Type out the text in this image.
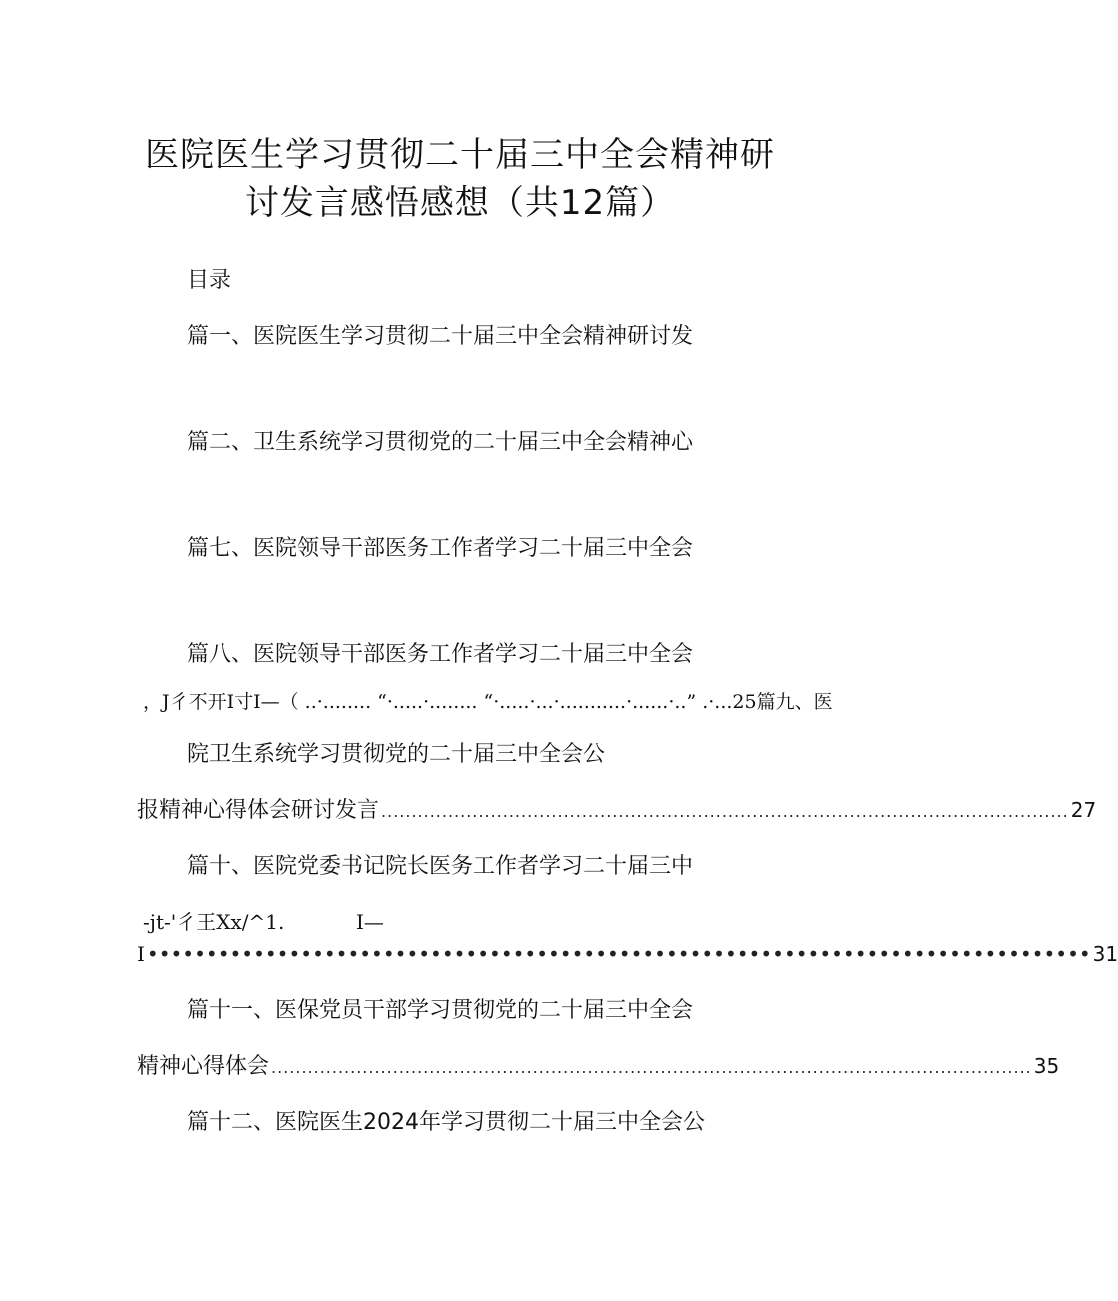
医院医生学习贯彻二十届三中全会精神研
讨发言感悟感想（共12篇）
目录
篇一、医院医生学习贯彻二十届三中全会精神研讨发
篇二、卫生系统学习贯彻党的二十届三中全会精神心
篇七、医院领导干部医务工作者学习二十届三中全会
篇八、医院领导干部医务工作者学习二十届三中全会
，J彳不开I寸I—（ ..·........ “·.....·........ “·.....·...·...........·......·..” .·...25篇九、医
院卫生系统学习贯彻党的二十届三中全会公
报精神心得体会研讨发言 ................................................................................................................. 27
篇十、医院党委书记院长医务工作者学习二十届三中
-jt-'彳王Xx/^1.	I—
I •••••••••••••••••••••••••••••••••••••••••••••••••••••••••••••••••••••••••••••••• 31
篇十一、医保党员干部学习贯彻党的二十届三中全会
精神心得体会 ............................................................................................................................. 35
篇十二、医院医生2024年学习贯彻二十届三中全会公
